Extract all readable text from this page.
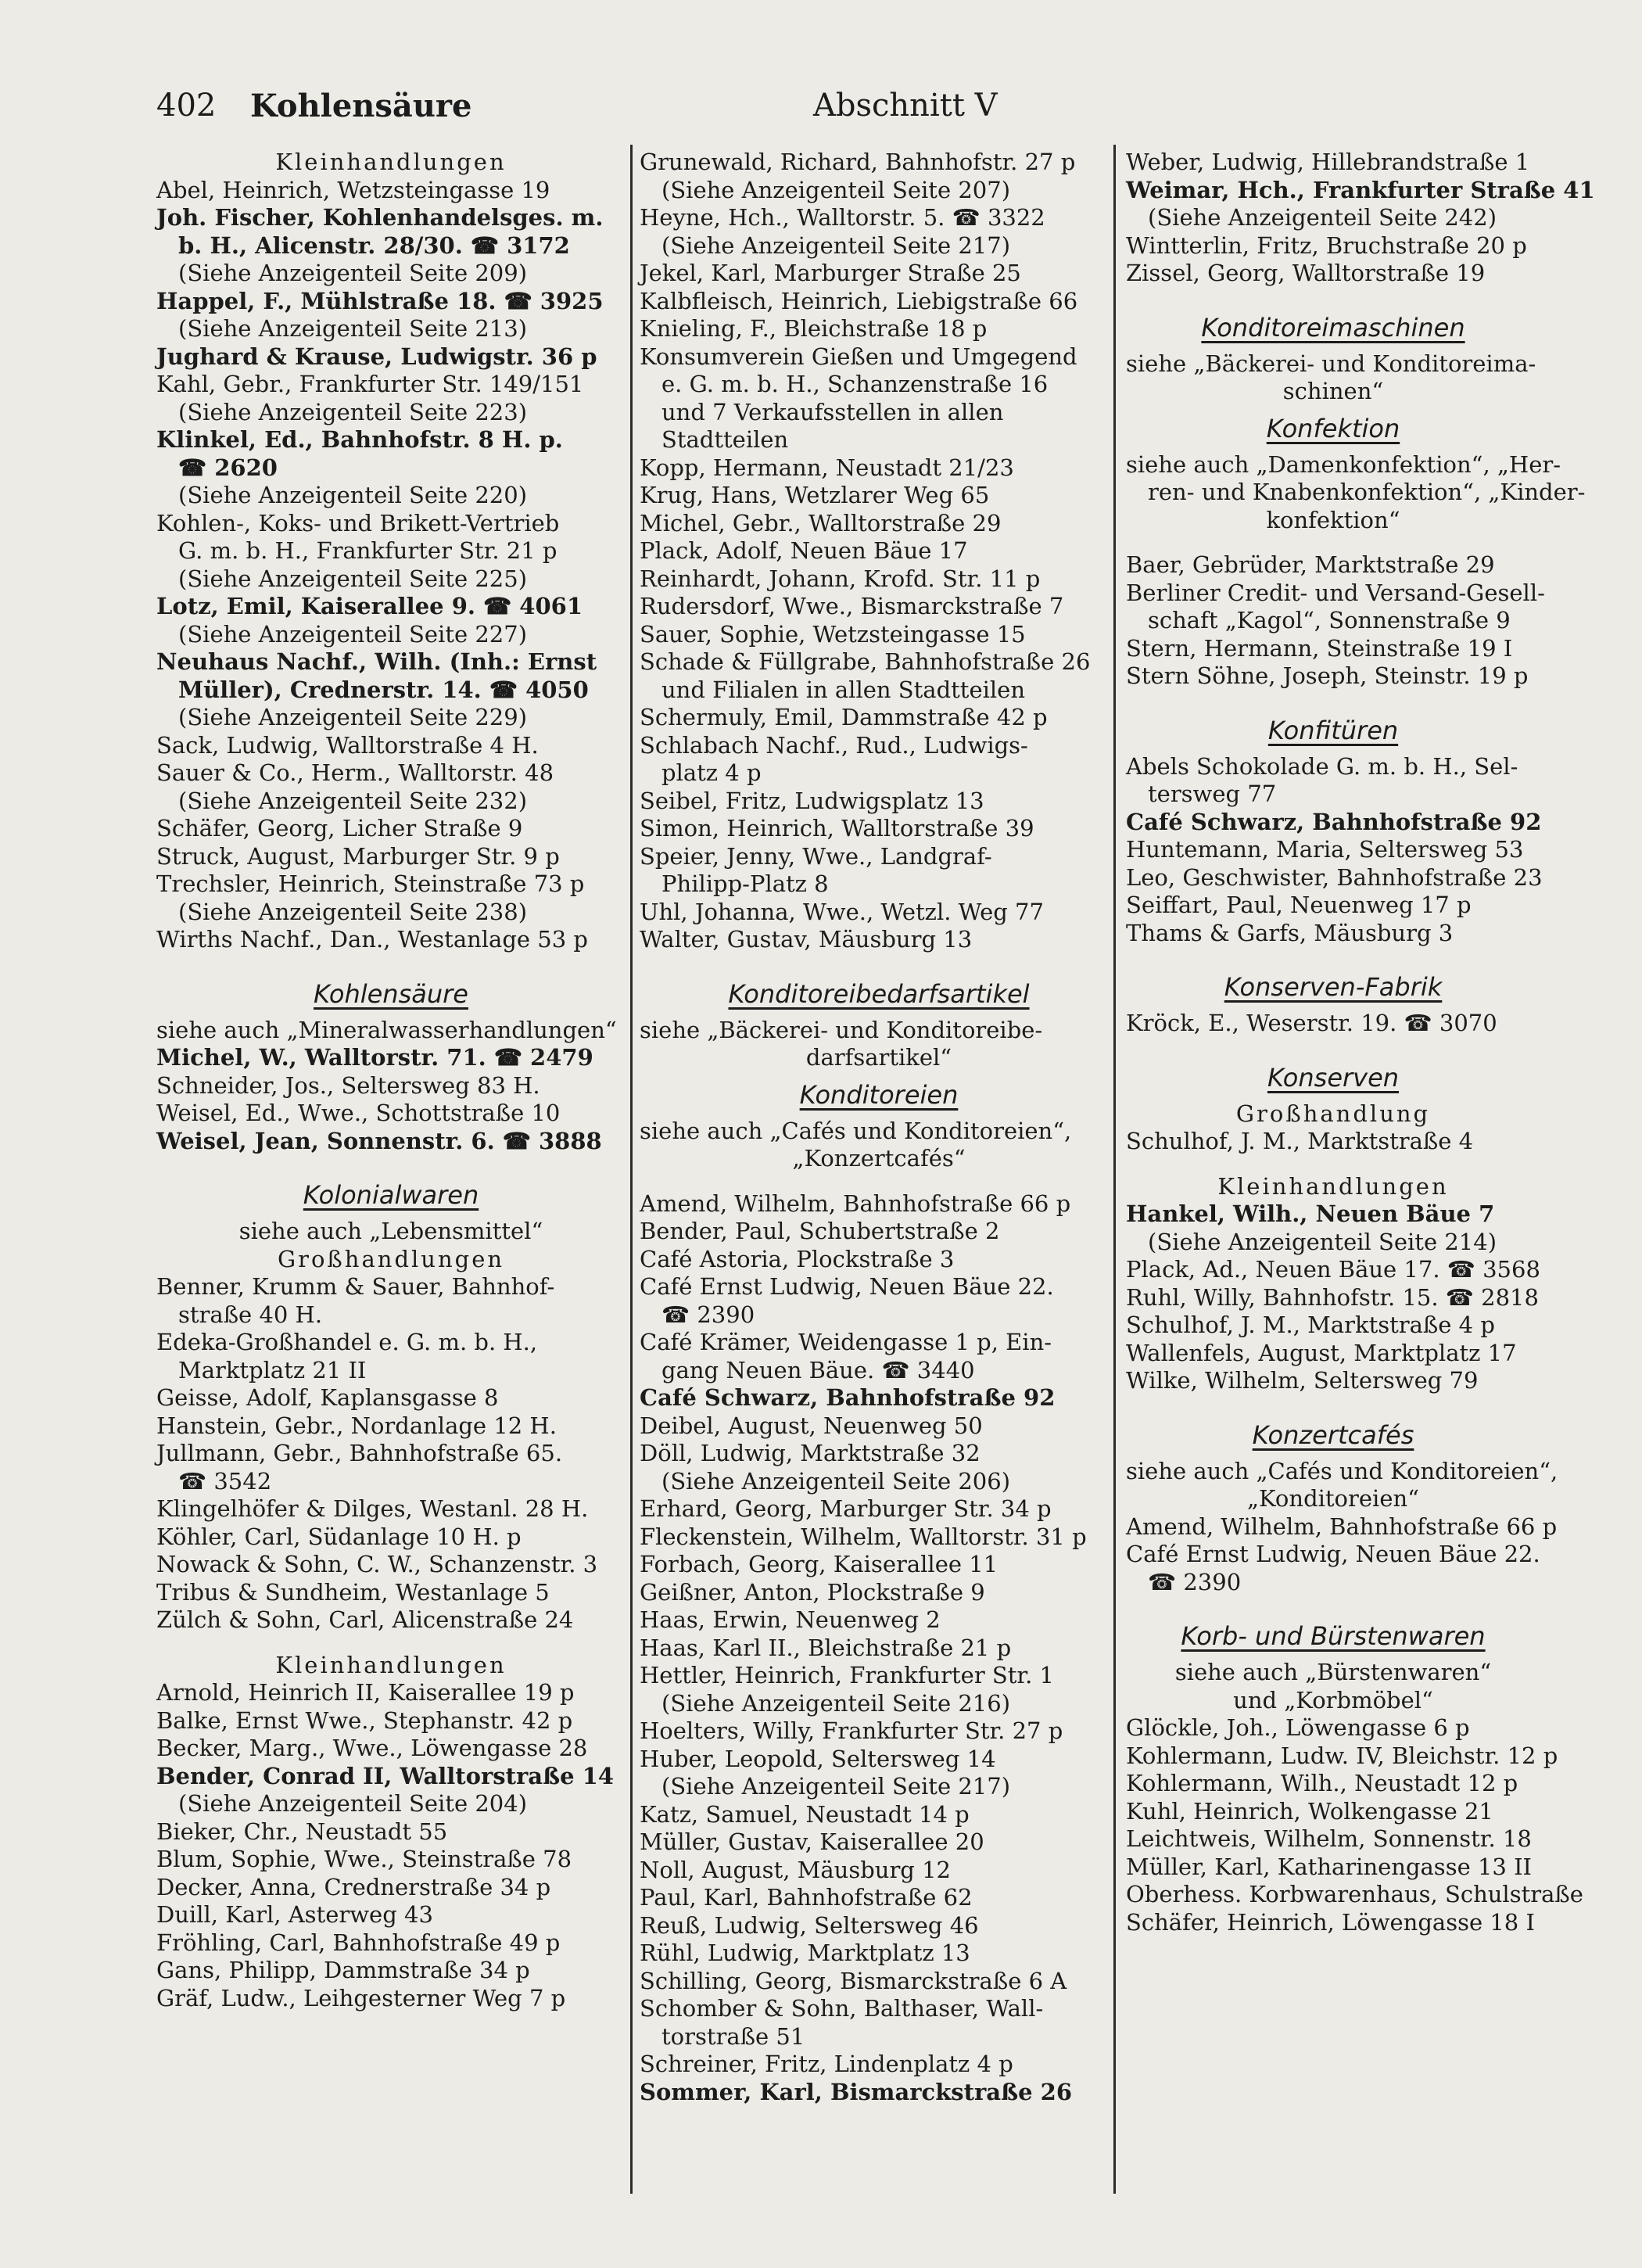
402 Kohlensäure	Abschnitt V
Kleinhandlungen
Abel, Heinrich, Wetzsteingasse 19
Joh. Fischer, Kohlenhandelsges. m.
b. H., Alicenstr. 28/30. ☎ 3172
(Siehe Anzeigenteil Seite 209)
Happel, F., Mühlstraße 18. ☎ 3925
(Siehe Anzeigenteil Seite 213)
Jughard & Krause, Ludwigstr. 36 p
Kahl, Gebr., Frankfurter Str. 149/151
(Siehe Anzeigenteil Seite 223)
Klinkel, Ed., Bahnhofstr. 8 H. p.
☎ 2620
(Siehe Anzeigenteil Seite 220)
Kohlen-, Koks- und Brikett-Vertrieb
G. m. b. H., Frankfurter Str. 21 p
(Siehe Anzeigenteil Seite 225)
Lotz, Emil, Kaiserallee 9. ☎ 4061
(Siehe Anzeigenteil Seite 227)
Neuhaus Nachf., Wilh. (Inh.: Ernst
Müller), Crednerstr. 14. ☎ 4050
(Siehe Anzeigenteil Seite 229)
Sack, Ludwig, Walltorstraße 4 H.
Sauer & Co., Herm., Walltorstr. 48
(Siehe Anzeigenteil Seite 232)
Schäfer, Georg, Licher Straße 9
Struck, August, Marburger Str. 9 p
Trechsler, Heinrich, Steinstraße 73 p
(Siehe Anzeigenteil Seite 238)
Wirths Nachf., Dan., Westanlage 53 p
Kohlensäure
siehe auch „Mineralwasserhandlungen“
Michel, W., Walltorstr. 71. ☎ 2479
Schneider, Jos., Seltersweg 83 H.
Weisel, Ed., Wwe., Schottstraße 10
Weisel, Jean, Sonnenstr. 6. ☎ 3888
Kolonialwaren
siehe auch „Lebensmittel“
Großhandlungen
Benner, Krumm & Sauer, Bahnhof-
straße 40 H.
Edeka-Großhandel e. G. m. b. H.,
Marktplatz 21 II
Geisse, Adolf, Kaplansgasse 8
Hanstein, Gebr., Nordanlage 12 H.
Jullmann, Gebr., Bahnhofstraße 65.
☎ 3542
Klingelhöfer & Dilges, Westanl. 28 H.
Köhler, Carl, Südanlage 10 H. p
Nowack & Sohn, C. W., Schanzenstr. 3
Tribus & Sundheim, Westanlage 5
Zülch & Sohn, Carl, Alicenstraße 24
Kleinhandlungen
Arnold, Heinrich II, Kaiserallee 19 p
Balke, Ernst Wwe., Stephanstr. 42 p
Becker, Marg., Wwe., Löwengasse 28
Bender, Conrad II, Walltorstraße 14
(Siehe Anzeigenteil Seite 204)
Bieker, Chr., Neustadt 55
Blum, Sophie, Wwe., Steinstraße 78
Decker, Anna, Crednerstraße 34 p
Duill, Karl, Asterweg 43
Fröhling, Carl, Bahnhofstraße 49 p
Gans, Philipp, Dammstraße 34 p
Gräf, Ludw., Leihgesterner Weg 7 p
Grunewald, Richard, Bahnhofstr. 27 p
(Siehe Anzeigenteil Seite 207)
Heyne, Hch., Walltorstr. 5. ☎ 3322
(Siehe Anzeigenteil Seite 217)
Jekel, Karl, Marburger Straße 25
Kalbfleisch, Heinrich, Liebigstraße 66
Knieling, F., Bleichstraße 18 p
Konsumverein Gießen und Umgegend
e. G. m. b. H., Schanzenstraße 16
und 7 Verkaufsstellen in allen
Stadtteilen
Kopp, Hermann, Neustadt 21/23
Krug, Hans, Wetzlarer Weg 65
Michel, Gebr., Walltorstraße 29
Plack, Adolf, Neuen Bäue 17
Reinhardt, Johann, Krofd. Str. 11 p
Rudersdorf, Wwe., Bismarckstraße 7
Sauer, Sophie, Wetzsteingasse 15
Schade & Füllgrabe, Bahnhofstraße 26
und Filialen in allen Stadtteilen
Schermuly, Emil, Dammstraße 42 p
Schlabach Nachf., Rud., Ludwigs-
platz 4 p
Seibel, Fritz, Ludwigsplatz 13
Simon, Heinrich, Walltorstraße 39
Speier, Jenny, Wwe., Landgraf-
Philipp-Platz 8
Uhl, Johanna, Wwe., Wetzl. Weg 77
Walter, Gustav, Mäusburg 13
Konditoreibedarfsartikel
siehe „Bäckerei- und Konditoreibe-
darfsartikel“
Konditoreien
siehe auch „Cafés und Konditoreien“,
„Konzertcafés“
Amend, Wilhelm, Bahnhofstraße 66 p
Bender, Paul, Schubertstraße 2
Café Astoria, Plockstraße 3
Café Ernst Ludwig, Neuen Bäue 22.
☎ 2390
Café Krämer, Weidengasse 1 p, Ein-
gang Neuen Bäue. ☎ 3440
Café Schwarz, Bahnhofstraße 92
Deibel, August, Neuenweg 50
Döll, Ludwig, Marktstraße 32
(Siehe Anzeigenteil Seite 206)
Erhard, Georg, Marburger Str. 34 p
Fleckenstein, Wilhelm, Walltorstr. 31 p
Forbach, Georg, Kaiserallee 11
Geißner, Anton, Plockstraße 9
Haas, Erwin, Neuenweg 2
Haas, Karl II., Bleichstraße 21 p
Hettler, Heinrich, Frankfurter Str. 1
(Siehe Anzeigenteil Seite 216)
Hoelters, Willy, Frankfurter Str. 27 p
Huber, Leopold, Seltersweg 14
(Siehe Anzeigenteil Seite 217)
Katz, Samuel, Neustadt 14 p
Müller, Gustav, Kaiserallee 20
Noll, August, Mäusburg 12
Paul, Karl, Bahnhofstraße 62
Reuß, Ludwig, Seltersweg 46
Rühl, Ludwig, Marktplatz 13
Schilling, Georg, Bismarckstraße 6 A
Schomber & Sohn, Balthaser, Wall-
torstraße 51
Schreiner, Fritz, Lindenplatz 4 p
Sommer, Karl, Bismarckstraße 26
Weber, Ludwig, Hillebrandstraße 1
Weimar, Hch., Frankfurter Straße 41
(Siehe Anzeigenteil Seite 242)
Wintterlin, Fritz, Bruchstraße 20 p
Zissel, Georg, Walltorstraße 19
Konditoreimaschinen
siehe „Bäckerei- und Konditoreima-
schinen“
Konfektion
siehe auch „Damenkonfektion“, „Her-
ren- und Knabenkonfektion“, „Kinder-
konfektion“
Baer, Gebrüder, Marktstraße 29
Berliner Credit- und Versand-Gesell-
schaft „Kagol“, Sonnenstraße 9
Stern, Hermann, Steinstraße 19 I
Stern Söhne, Joseph, Steinstr. 19 p
Konfitüren
Abels Schokolade G. m. b. H., Sel-
tersweg 77
Café Schwarz, Bahnhofstraße 92
Huntemann, Maria, Seltersweg 53
Leo, Geschwister, Bahnhofstraße 23
Seiffart, Paul, Neuenweg 17 p
Thams & Garfs, Mäusburg 3
Konserven-Fabrik
Kröck, E., Weserstr. 19. ☎ 3070
Konserven
Großhandlung
Schulhof, J. M., Marktstraße 4
Kleinhandlungen
Hankel, Wilh., Neuen Bäue 7
(Siehe Anzeigenteil Seite 214)
Plack, Ad., Neuen Bäue 17. ☎ 3568
Ruhl, Willy, Bahnhofstr. 15. ☎ 2818
Schulhof, J. M., Marktstraße 4 p
Wallenfels, August, Marktplatz 17
Wilke, Wilhelm, Seltersweg 79
Konzertcafés
siehe auch „Cafés und Konditoreien“,
„Konditoreien“
Amend, Wilhelm, Bahnhofstraße 66 p
Café Ernst Ludwig, Neuen Bäue 22.
☎ 2390
Korb- und Bürstenwaren
siehe auch „Bürstenwaren“
und „Korbmöbel“
Glöckle, Joh., Löwengasse 6 p
Kohlermann, Ludw. IV, Bleichstr. 12 p
Kohlermann, Wilh., Neustadt 12 p
Kuhl, Heinrich, Wolkengasse 21
Leichtweis, Wilhelm, Sonnenstr. 18
Müller, Karl, Katharinengasse 13 II
Oberhess. Korbwarenhaus, Schulstraße
Schäfer, Heinrich, Löwengasse 18 I
